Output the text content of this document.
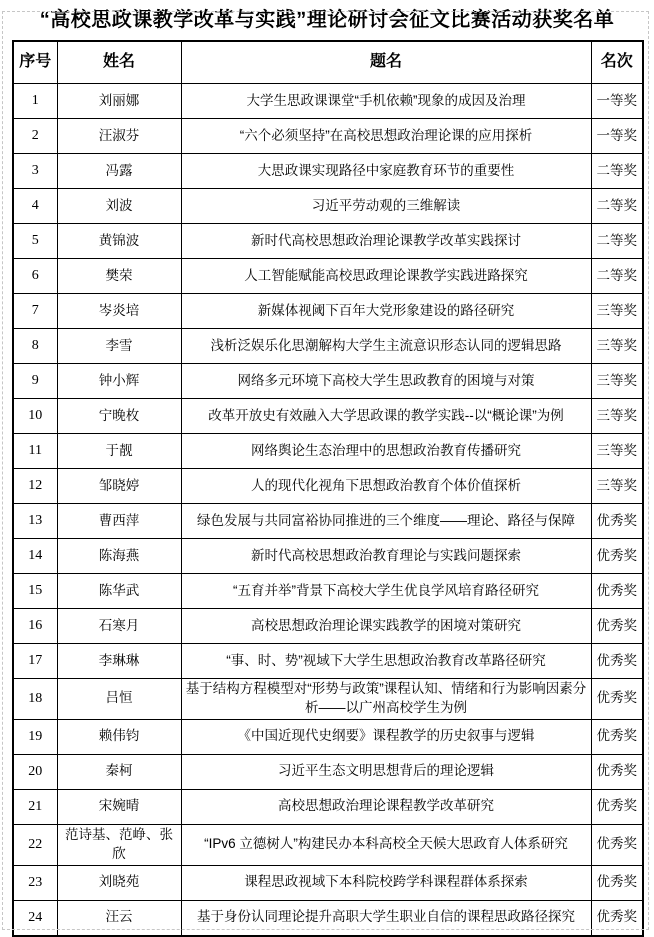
“高校思政课教学改革与实践”理论研讨会征文比赛活动获奖名单
序号	姓名	题名	名次
1	刘丽娜	大学生思政课课堂“手机依赖”现象的成因及治理	一等奖
2	汪淑芬	“六个必须坚持”在高校思想政治理论课的应用探析	一等奖
3	冯露	大思政课实现路径中家庭教育环节的重要性	二等奖
4	刘波	习近平劳动观的三维解读	二等奖
5	黄锦波	新时代高校思想政治理论课教学改革实践探讨	二等奖
6	樊荣	人工智能赋能高校思政理论课教学实践进路探究	二等奖
7	岑炎培	新媒体视阈下百年大党形象建设的路径研究	三等奖
8	李雪	浅析泛娱乐化思潮解构大学生主流意识形态认同的逻辑思路	三等奖
9	钟小辉	网络多元环境下高校大学生思政教育的困境与对策	三等奖
10	宁晚枚	改革开放史有效融入大学思政课的教学实践--以“概论课”为例	三等奖
11	于靓	网络舆论生态治理中的思想政治教育传播研究	三等奖
12	邹晓婷	人的现代化视角下思想政治教育个体价值探析	三等奖
13	曹西萍	绿色发展与共同富裕协同推进的三个维度——理论、路径与保障	优秀奖
14	陈海燕	新时代高校思想政治教育理论与实践问题探索	优秀奖
15	陈华武	“五育并举”背景下高校大学生优良学风培育路径研究	优秀奖
16	石寒月	高校思想政治理论课实践教学的困境对策研究	优秀奖
17	李琳琳	“事、时、势”视域下大学生思想政治教育改革路径研究	优秀奖
18	吕恒	基于结构方程模型对“形势与政策”课程认知、情绪和行为影响因素分析——以广州高校学生为例	优秀奖
19	赖伟钧	《中国近现代史纲要》课程教学的历史叙事与逻辑	优秀奖
20	秦柯	习近平生态文明思想背后的理论逻辑	优秀奖
21	宋婉晴	高校思想政治理论课程教学改革研究	优秀奖
22	范诗基、范峥、张欣	“IPv6 立德树人”构建民办本科高校全天候大思政育人体系研究	优秀奖
23	刘晓苑	课程思政视域下本科院校跨学科课程群体系探索	优秀奖
24	汪云	基于身份认同理论提升高职大学生职业自信的课程思政路径探究	优秀奖
